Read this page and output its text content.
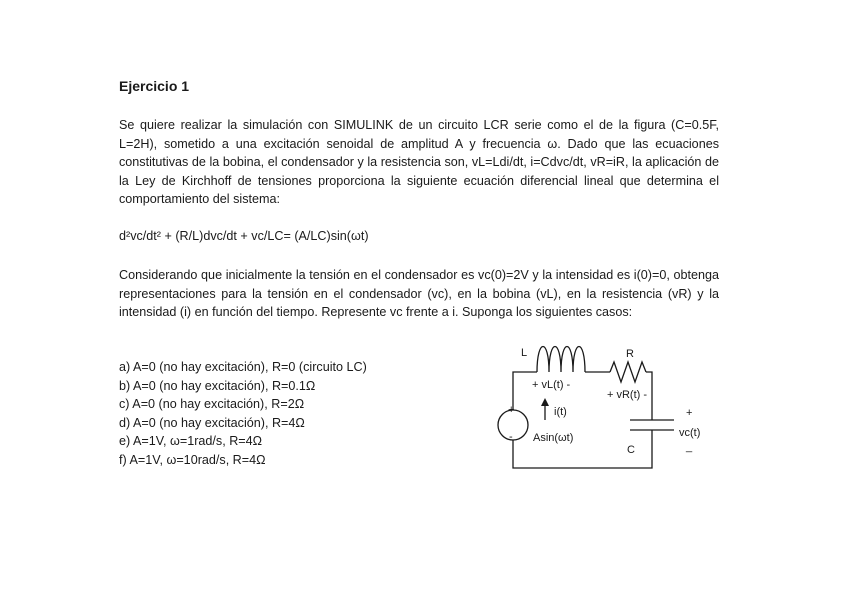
Ejercicio 1

Se quiere realizar la simulación con SIMULINK de un circuito LCR serie como el de la figura (C=0.5F, L=2H), sometido a una excitación senoidal de amplitud A y frecuencia ω. Dado que las ecuaciones constitutivas de la bobina, el condensador y la resistencia son, vL=Ldi/dt, i=Cdvc/dt, vR=iR, la aplicación de la Ley de Kirchhoff de tensiones proporciona la siguiente ecuación diferencial lineal que determina el comportamiento del sistema:

d²vc/dt² + (R/L)dvc/dt + vc/LC= (A/LC)sin(ωt)

Considerando que inicialmente la tensión en el condensador es vc(0)=2V y la intensidad es i(0)=0, obtenga representaciones para la tensión en el condensador (vc), en la bobina (vL), en la resistencia (vR) y la intensidad (i) en función del tiempo. Represente vc frente a i. Suponga los siguientes casos:

a) A=0 (no hay excitación), R=0 (circuito LC)
b) A=0 (no hay excitación), R=0.1Ω
c) A=0 (no hay excitación), R=2Ω
d) A=0 (no hay excitación), R=4Ω
e) A=1V, ω=1rad/s, R=4Ω
f) A=1V, ω=10rad/s, R=4Ω
L	R
+ vL(t) -
+ vR(t) -
i(t)
+
- Asin(ωt)
C
+
vc(t)
_
